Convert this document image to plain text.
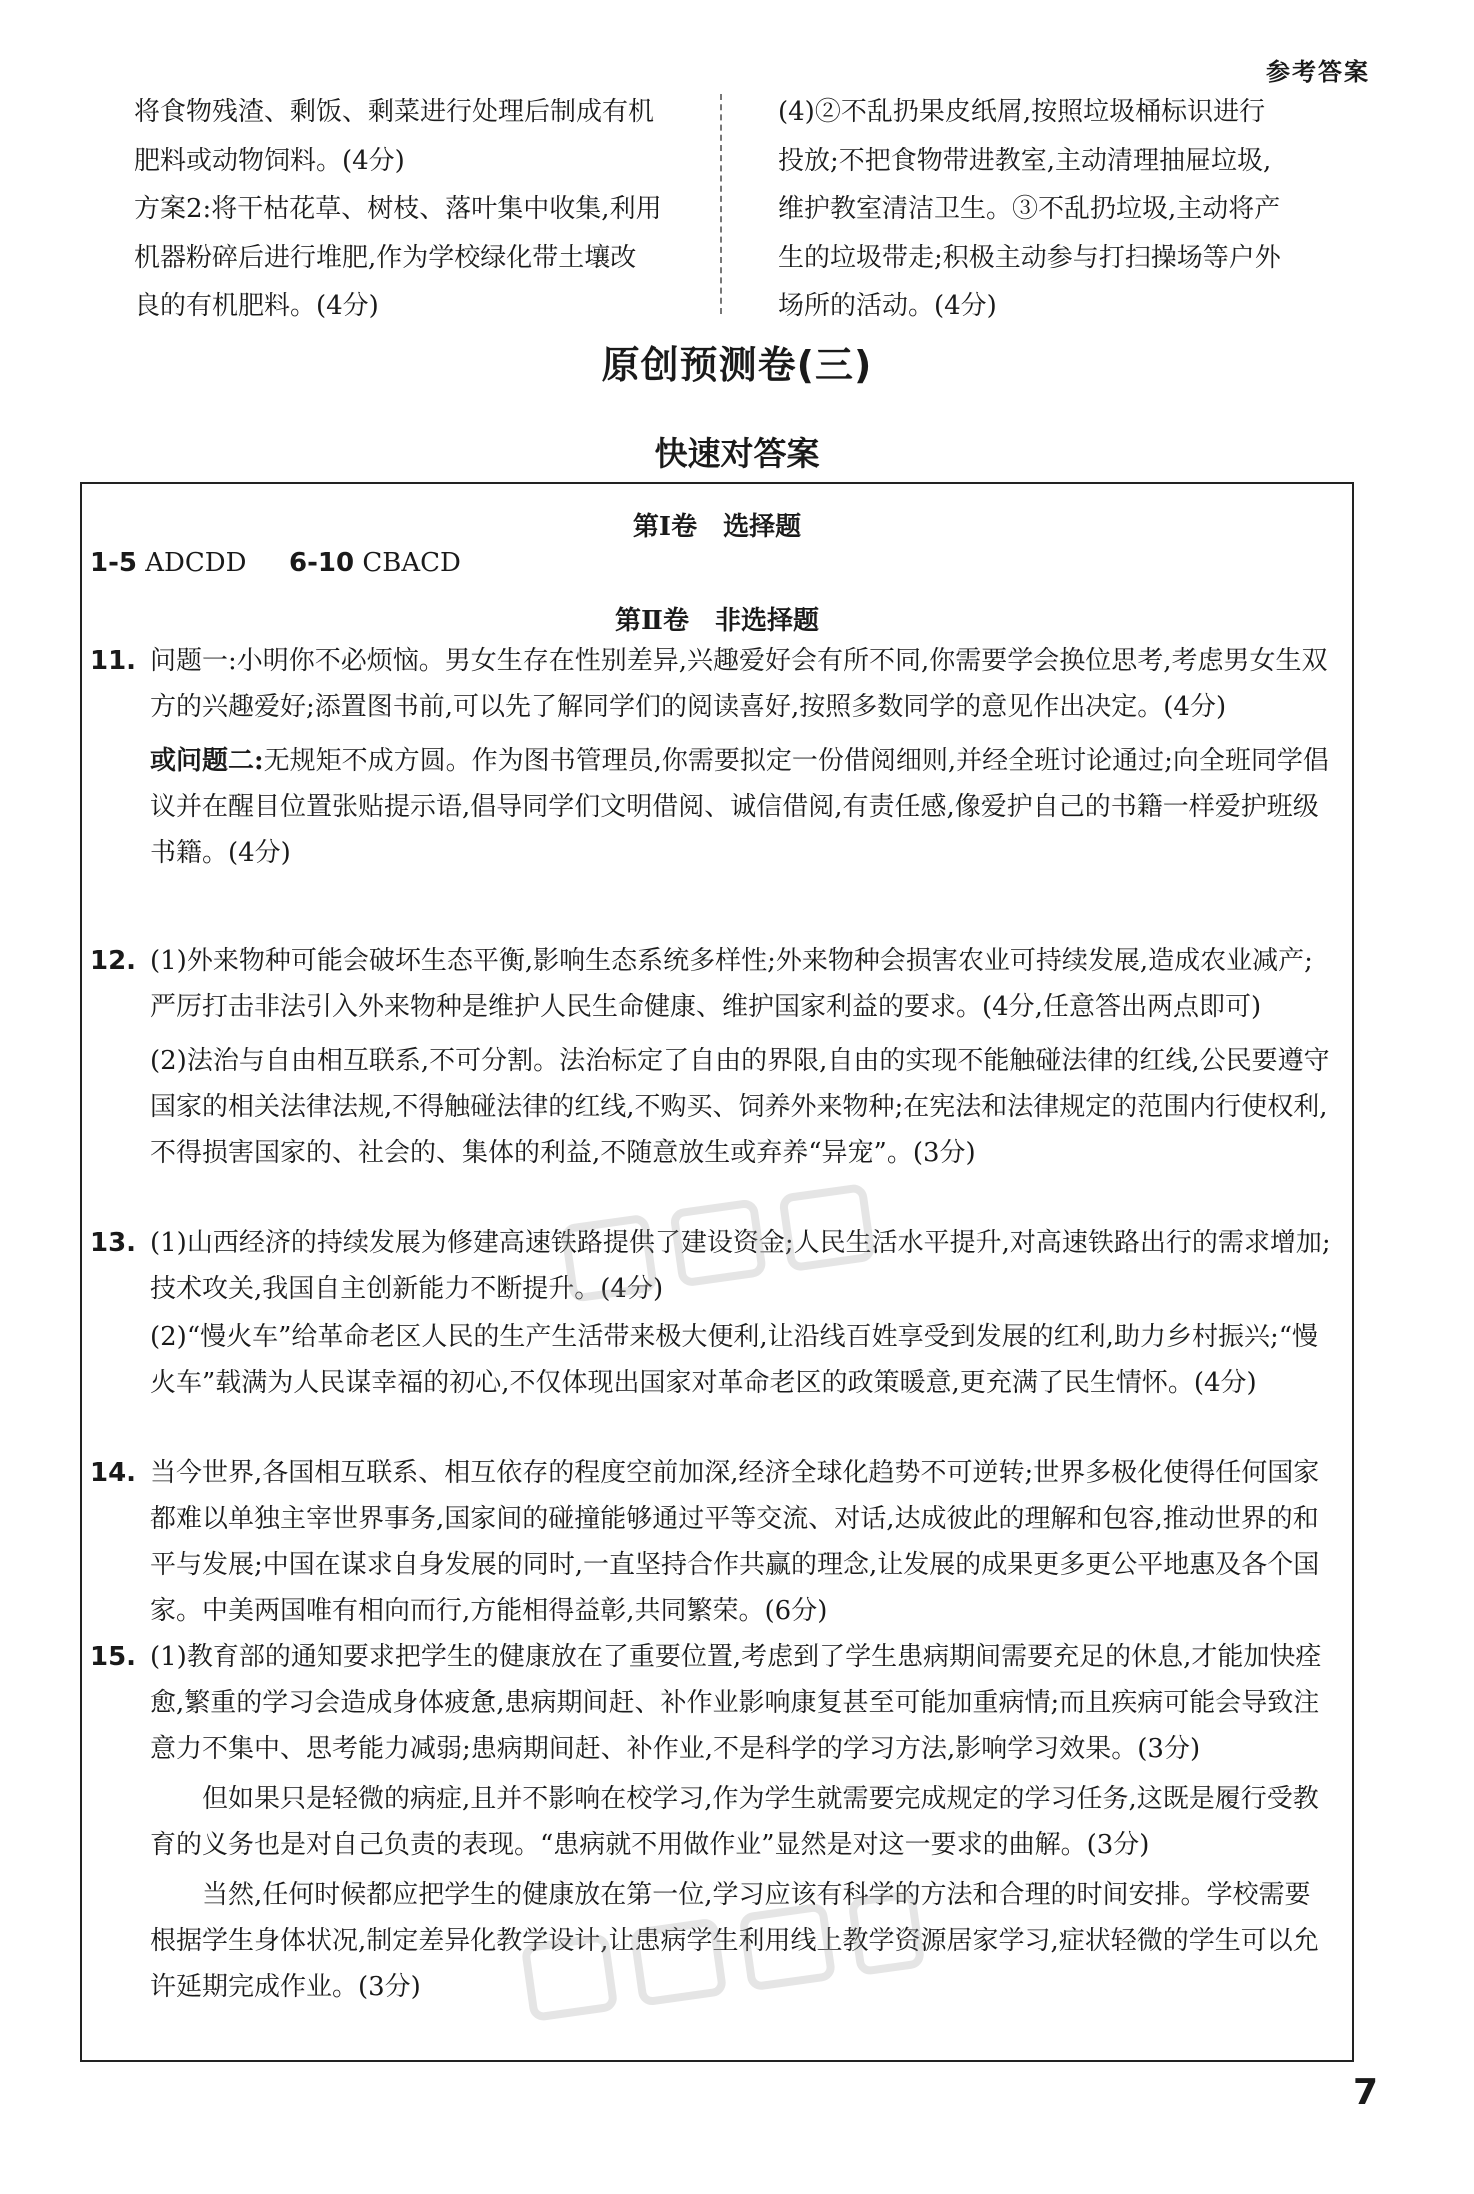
参考答案
将食物残渣、剩饭、剩菜进行处理后制成有机
肥料或动物饲料。(4分)
方案2:将干枯花草、树枝、落叶集中收集,利用
机器粉碎后进行堆肥,作为学校绿化带土壤改
良的有机肥料。(4分)
(4)②不乱扔果皮纸屑,按照垃圾桶标识进行
投放;不把食物带进教室,主动清理抽屉垃圾,
维护教室清洁卫生。③不乱扔垃圾,主动将产
生的垃圾带走;积极主动参与打扫操场等户外
场所的活动。(4分)
原创预测卷(三)
快速对答案
第Ⅰ卷　选择题
1-5 ADCDD 6-10 CBACD
第Ⅱ卷　非选择题

11. 问题一:小明你不必烦恼。男女生存在性别差异,兴趣爱好会有所不同,你需要学会换位思考,考虑男女生双方的兴趣爱好;添置图书前,可以先了解同学们的阅读喜好,按照多数同学的意见作出决定。(4分)

或问题二:无规矩不成方圆。作为图书管理员,你需要拟定一份借阅细则,并经全班讨论通过;向全班同学倡议并在醒目位置张贴提示语,倡导同学们文明借阅、诚信借阅,有责任感,像爱护自己的书籍一样爱护班级书籍。(4分)

12. (1)外来物种可能会破坏生态平衡,影响生态系统多样性;外来物种会损害农业可持续发展,造成农业减产;严厉打击非法引入外来物种是维护人民生命健康、维护国家利益的要求。(4分,任意答出两点即可)

(2)法治与自由相互联系,不可分割。法治标定了自由的界限,自由的实现不能触碰法律的红线,公民要遵守国家的相关法律法规,不得触碰法律的红线,不购买、饲养外来物种;在宪法和法律规定的范围内行使权利,不得损害国家的、社会的、集体的利益,不随意放生或弃养“异宠”。(3分)

13. (1)山西经济的持续发展为修建高速铁路提供了建设资金;人民生活水平提升,对高速铁路出行的需求增加;技术攻关,我国自主创新能力不断提升。(4分)

(2)“慢火车”给革命老区人民的生产生活带来极大便利,让沿线百姓享受到发展的红利,助力乡村振兴;“慢火车”载满为人民谋幸福的初心,不仅体现出国家对革命老区的政策暖意,更充满了民生情怀。(4分)

14. 当今世界,各国相互联系、相互依存的程度空前加深,经济全球化趋势不可逆转;世界多极化使得任何国家都难以单独主宰世界事务,国家间的碰撞能够通过平等交流、对话,达成彼此的理解和包容,推动世界的和平与发展;中国在谋求自身发展的同时,一直坚持合作共赢的理念,让发展的成果更多更公平地惠及各个国家。中美两国唯有相向而行,方能相得益彰,共同繁荣。(6分)

15. (1)教育部的通知要求把学生的健康放在了重要位置,考虑到了学生患病期间需要充足的休息,才能加快痊愈,繁重的学习会造成身体疲惫,患病期间赶、补作业影响康复甚至可能加重病情;而且疾病可能会导致注意力不集中、思考能力减弱;患病期间赶、补作业,不是科学的学习方法,影响学习效果。(3分)

但如果只是轻微的病症,且并不影响在校学习,作为学生就需要完成规定的学习任务,这既是履行受教育的义务也是对自己负责的表现。“患病就不用做作业”显然是对这一要求的曲解。(3分)

当然,任何时候都应把学生的健康放在第一位,学习应该有科学的方法和合理的时间安排。学校需要根据学生身体状况,制定差异化教学设计,让患病学生利用线上教学资源居家学习,症状轻微的学生可以允许延期完成作业。(3分)

7
